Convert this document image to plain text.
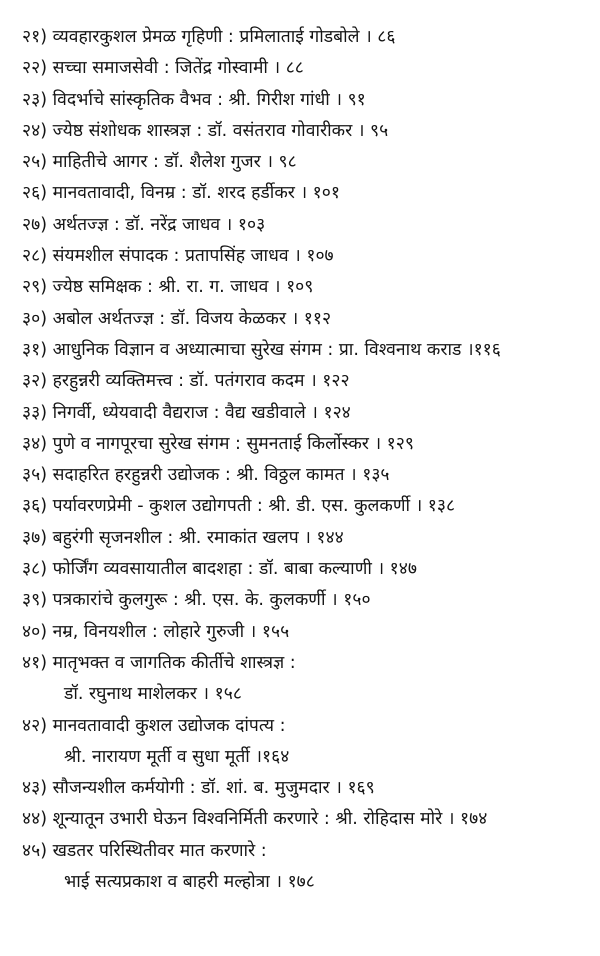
२१) व्यवहारकुशल प्रेमळ गृहिणी : प्रमिलाताई गोडबोले । ८६
२२) सच्चा समाजसेवी : जितेंद्र गोस्वामी । ८८
२३) विदर्भाचे सांस्कृतिक वैभव : श्री. गिरीश गांधी । ९१
२४) ज्येष्ठ संशोधक शास्त्रज्ञ : डॉ. वसंतराव गोवारीकर । ९५
२५) माहितीचे आगर : डॉ. शैलेश गुजर । ९८
२६) मानवतावादी, विनम्र : डॉ. शरद हर्डीकर । १०१
२७) अर्थतज्ज्ञ : डॉ. नरेंद्र जाधव । १०३
२८) संयमशील संपादक : प्रतापसिंह जाधव । १०७
२९) ज्येष्ठ समिक्षक : श्री. रा. ग. जाधव । १०९
३०) अबोल अर्थतज्ज्ञ : डॉ. विजय केळकर । ११२
३१) आधुनिक विज्ञान व अध्यात्माचा सुरेख संगम : प्रा. विश्वनाथ कराड ।११६
३२) हरहुन्नरी व्यक्तिमत्त्व : डॉ. पतंगराव कदम । १२२
३३) निगर्वी, ध्येयवादी वैद्यराज : वैद्य खडीवाले । १२४
३४) पुणे व नागपूरचा सुरेख संगम : सुमनताई किर्लोस्कर । १२९
३५) सदाहरित हरहुन्नरी उद्योजक : श्री. विठ्ठल कामत । १३५
३६) पर्यावरणप्रेमी - कुशल उद्योगपती : श्री. डी. एस. कुलकर्णी । १३८
३७) बहुरंगी सृजनशील : श्री. रमाकांत खलप । १४४
३८) फोर्जिंग व्यवसायातील बादशहा : डॉ. बाबा कल्याणी । १४७
३९) पत्रकारांचे कुलगुरू : श्री. एस. के. कुलकर्णी । १५०
४०) नम्र, विनयशील : लोहारे गुरुजी । १५५
४१) मातृभक्त व जागतिक कीर्तीचे शास्त्रज्ञ :
डॉ. रघुनाथ माशेलकर । १५८
४२) मानवतावादी कुशल उद्योजक दांपत्य :
श्री. नारायण मूर्ती व सुधा मूर्ती ।१६४
४३) सौजन्यशील कर्मयोगी : डॉ. शां. ब. मुजुमदार । १६९
४४) शून्यातून उभारी घेऊन विश्वनिर्मिती करणारे : श्री. रोहिदास मोरे । १७४
४५) खडतर परिस्थितीवर मात करणारे :
भाई सत्यप्रकाश व बाहरी मल्होत्रा । १७८
